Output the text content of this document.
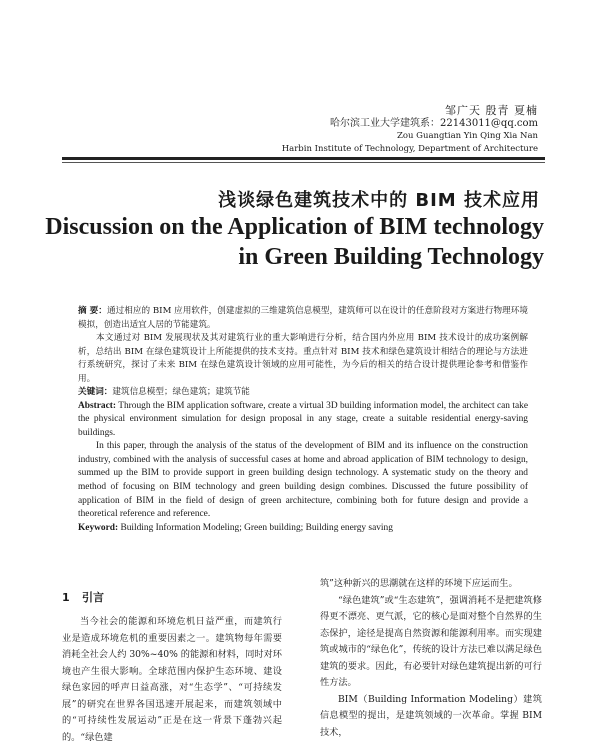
邹广天 殷青 夏楠
哈尔滨工业大学建筑系：22143011@qq.com
Zou Guangtian Yin Qing Xia Nan
Harbin Institute of Technology, Department of Architecture
浅谈绿色建筑技术中的 BIM 技术应用
Discussion on the Application of BIM technology
in Green Building Technology

摘 要：通过相应的 BIM 应用软件，创建虚拟的三维建筑信息模型，建筑师可以在设计的任意阶段对方案进行物理环境模拟，创造出适宜人居的节能建筑。

本文通过对 BIM 发展现状及其对建筑行业的重大影响进行分析，结合国内外应用 BIM 技术设计的成功案例解析，总结出 BIM 在绿色建筑设计上所能提供的技术支持。重点针对 BIM 技术和绿色建筑设计相结合的理论与方法进行系统研究，探讨了未来 BIM 在绿色建筑设计领域的应用可能性，为今后的相关的结合设计提供理论参考和借鉴作用。

关键词：建筑信息模型；绿色建筑；建筑节能

Abstract: Through the BIM application software, create a virtual 3D building information model, the architect can take the physical environment simulation for design proposal in any stage, create a suitable residential energy-saving buildings.

In this paper, through the analysis of the status of the development of BIM and its influence on the construction industry, combined with the analysis of successful cases at home and abroad application of BIM technology to design, summed up the BIM to provide support in green building design technology. A systematic study on the theory and method of focusing on BIM technology and green building design combines. Discussed the future possibility of application of BIM in the field of design of green architecture, combining both for future design and provide a theoretical reference and reference.

Keyword: Building Information Modeling; Green building; Building energy saving

1 引言

当今社会的能源和环境危机日益严重，而建筑行业是造成环境危机的重要因素之一。建筑物每年需要消耗全社会人约 30%~40% 的能源和材料，同时对环境也产生很大影响。全球范围内保护生态环境、建设绿色家园的呼声日益高涨，对“生态学”、“可持续发展”的研究在世界各国迅速开展起来，而建筑领域中的“可持续性发展运动”正是在这一背景下蓬勃兴起的。“绿色建

筑”这种新兴的思潮就在这样的环境下应运而生。

“绿色建筑”或“生态建筑”，强调消耗不是把建筑修得更不漂亮、更气派，它的核心是面对整个自然界的生态保护，途径是提高自然资源和能源利用率。而实现建筑或城市的“绿色化”，传统的设计方法已难以满足绿色建筑的要求。因此，有必要针对绿色建筑提出新的可行性方法。

BIM（Building Information Modeling）建筑信息模型的提出，是建筑领域的一次革命。掌握 BIM 技术，
